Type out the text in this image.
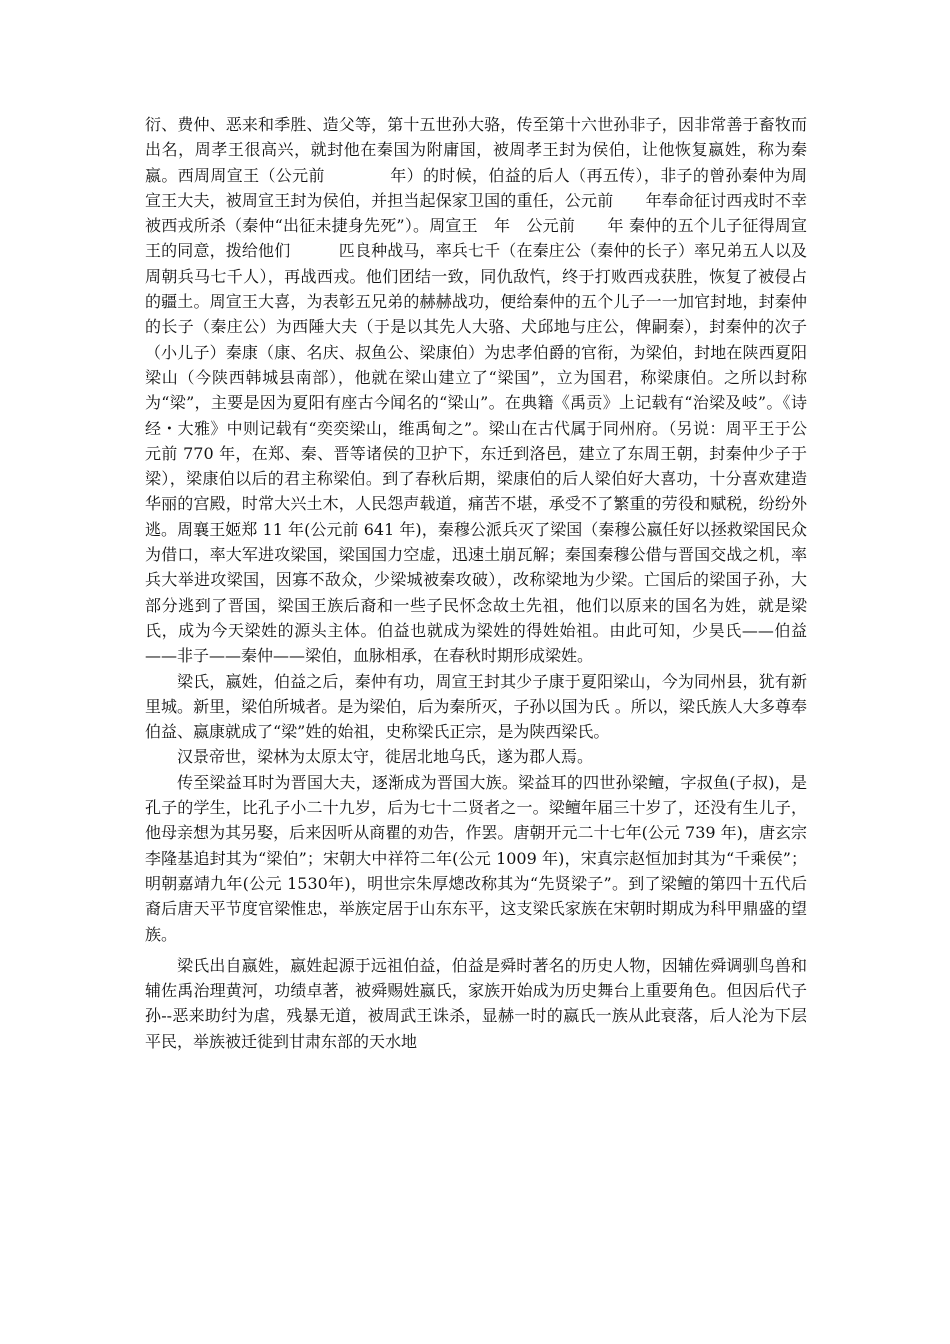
衍、费仲、恶来和季胜、造父等，第十五世孙大骆，传至第十六世孙非子，因非常善于畜牧而出名，周孝王很高兴，就封他在秦国为附庸国，被周孝王封为侯伯，让他恢复嬴姓，称为秦嬴。西周周宣王（公元前　　　　年）的时候，伯益的后人（再五传），非子的曾孙秦仲为周宣王大夫，被周宣王封为侯伯，并担当起保家卫国的重任，公元前　　年奉命征讨西戎时不幸被西戎所杀（秦仲“出征未捷身先死”）。周宣王　年　公元前　　年 秦仲的五个儿子征得周宣王的同意，拨给他们　　　匹良种战马，率兵七千（在秦庄公（秦仲的长子）率兄弟五人以及周朝兵马七千人），再战西戎。他们团结一致，同仇敌忾，终于打败西戎获胜，恢复了被侵占的疆土。周宣王大喜，为表彰五兄弟的赫赫战功，便给秦仲的五个儿子一一加官封地，封秦仲的长子（秦庄公）为西陲大夫（于是以其先人大骆、犬邱地与庄公，俾嗣秦），封秦仲的次子（小儿子）秦康（康、名庆、叔鱼公、梁康伯）为忠孝伯爵的官衔，为梁伯，封地在陕西夏阳梁山（今陕西韩城县南部），他就在梁山建立了“梁国”，立为国君，称梁康伯。之所以封称为“梁”，主要是因为夏阳有座古今闻名的“梁山”。在典籍《禹贡》上记载有“治梁及岐”。《诗经・大雅》中则记载有“奕奕梁山，维禹甸之”。梁山在古代属于同州府。（另说：周平王于公元前 770 年，在郑、秦、晋等诸侯的卫护下，东迁到洛邑，建立了东周王朝，封秦仲少子于梁），梁康伯以后的君主称梁伯。到了春秋后期，梁康伯的后人梁伯好大喜功，十分喜欢建造华丽的宫殿，时常大兴土木，人民怨声载道，痛苦不堪，承受不了繁重的劳役和赋税，纷纷外逃。周襄王姬郑 11 年(公元前 641 年)，秦穆公派兵灭了梁国（秦穆公嬴任好以拯救梁国民众为借口，率大军进攻梁国，梁国国力空虚，迅速土崩瓦解；秦国秦穆公借与晋国交战之机，率兵大举进攻梁国，因寡不敌众，少梁城被秦攻破），改称梁地为少梁。亡国后的梁国子孙，大部分逃到了晋国，梁国王族后裔和一些子民怀念故土先祖，他们以原来的国名为姓，就是梁氏，成为今天梁姓的源头主体。伯益也就成为梁姓的得姓始祖。由此可知，少昊氏——伯益——非子——秦仲——梁伯，血脉相承，在春秋时期形成梁姓。

梁氏，嬴姓，伯益之后，秦仲有功，周宣王封其少子康于夏阳梁山，今为同州县，犹有新里城。新里，梁伯所城者。是为梁伯，后为秦所灭，子孙以国为氏 。所以，梁氏族人大多尊奉伯益、嬴康就成了“梁”姓的始祖，史称梁氏正宗，是为陕西梁氏。

汉景帝世，梁林为太原太守，徙居北地乌氏，遂为郡人焉。

传至梁益耳时为晋国大夫，逐渐成为晋国大族。梁益耳的四世孙梁鳣，字叔鱼(子叔)，是孔子的学生，比孔子小二十九岁，后为七十二贤者之一。梁鳣年届三十岁了，还没有生儿子，他母亲想为其另娶，后来因听从商瞿的劝告，作罢。唐朝开元二十七年(公元 739 年)，唐玄宗李隆基追封其为“梁伯”；宋朝大中祥符二年(公元 1009 年)，宋真宗赵恒加封其为“千乘侯”；明朝嘉靖九年(公元 1530年)，明世宗朱厚熜改称其为“先贤梁子”。到了梁鳣的第四十五代后裔后唐天平节度官梁惟忠，举族定居于山东东平，这支梁氏家族在宋朝时期成为科甲鼎盛的望族。

梁氏出自嬴姓，嬴姓起源于远祖伯益，伯益是舜时著名的历史人物，因辅佐舜调驯鸟兽和辅佐禹治理黄河，功绩卓著，被舜赐姓嬴氏，家族开始成为历史舞台上重要角色。但因后代子孙--恶来助纣为虐，残暴无道，被周武王诛杀，显赫一时的嬴氏一族从此衰落，后人沦为下层平民，举族被迁徙到甘肃东部的天水地
